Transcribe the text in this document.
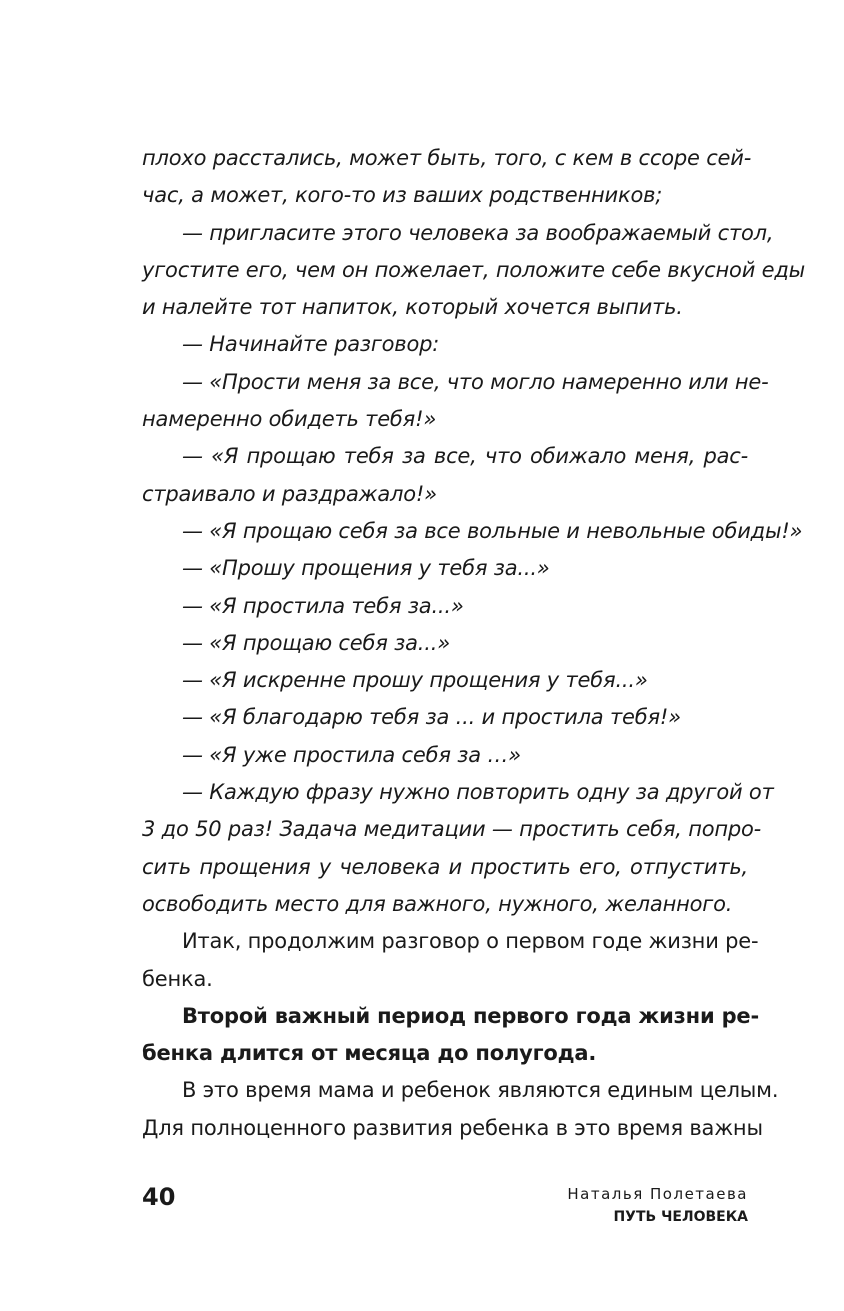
плохо расстались, может быть, того, с кем в ссоре сей-
час, а может, кого-то из ваших родственников;
— пригласите этого человека за воображаемый стол,
угостите его, чем он пожелает, положите себе вкусной еды
и налейте тот напиток, который хочется выпить.
— Начинайте разговор:
— «Прости меня за все, что могло намеренно или не-
намеренно обидеть тебя!»
— «Я прощаю тебя за все, что обижало меня, рас-
страивало и раздражало!»
— «Я прощаю себя за все вольные и невольные обиды!»
— «Прошу прощения у тебя за...»
— «Я простила тебя за...»
— «Я прощаю себя за...»
— «Я искренне прошу прощения у тебя...»
— «Я благодарю тебя за ... и простила тебя!»
— «Я уже простила себя за …»
— Каждую фразу нужно повторить одну за другой от
3 до 50 раз! Задача медитации — простить себя, попро-
сить прощения у человека и простить его, отпустить,
освободить место для важного, нужного, желанного.
Итак, продолжим разговор о первом годе жизни ре-
бенка.
Второй важный период первого года жизни ре-
бенка длится от месяца до полугода.
В это время мама и ребенок являются единым целым.
Для полноценного развития ребенка в это время важны
40	Наталья Полетаева
ПУТЬ ЧЕЛОВЕКА
